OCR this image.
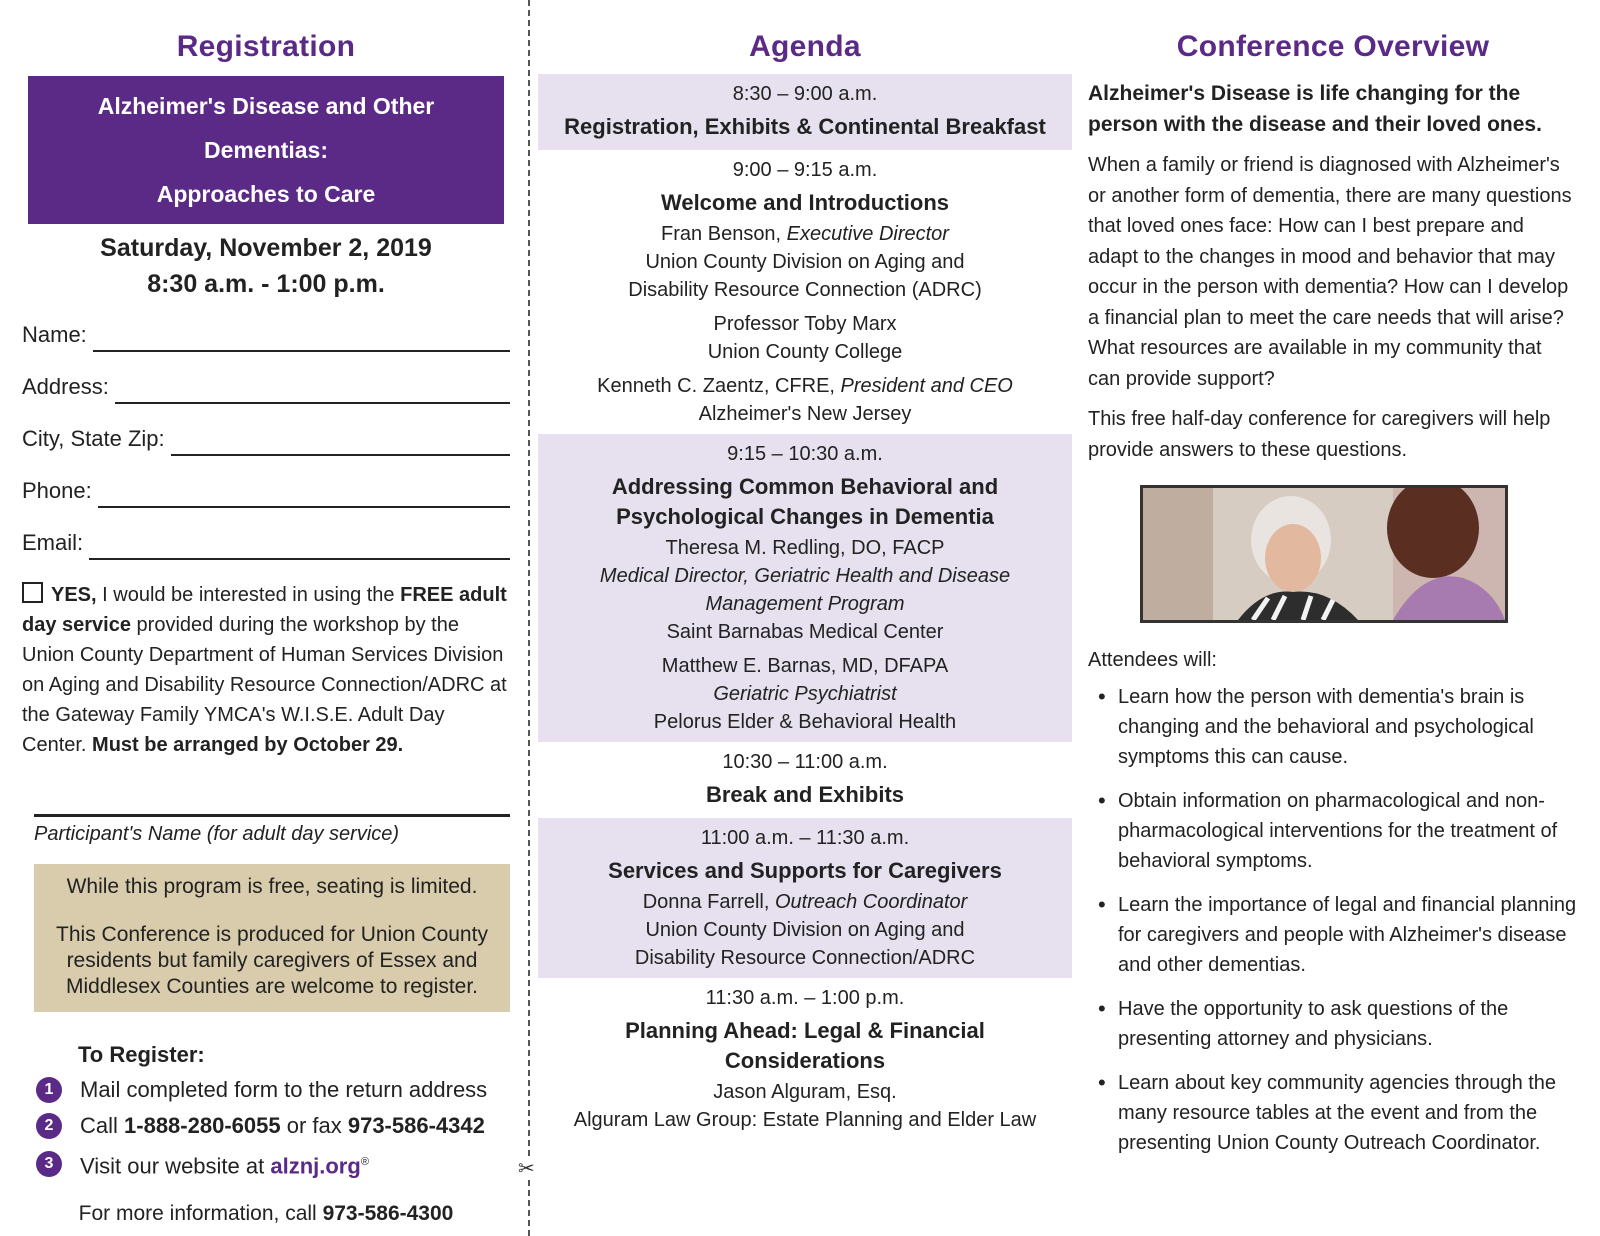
✂
Registration
Alzheimer's Disease and Other Dementias:
Approaches to Care
Saturday, November 2, 2019
8:30 a.m. - 1:00 p.m.
Name:
Address:
City, State Zip:
Phone:
Email:
YES, I would be interested in using the FREE adult day service provided during the workshop by the Union County Department of Human Services Division on Aging and Disability Resource Connection/ADRC at the Gateway Family YMCA's W.I.S.E. Adult Day Center. Must be arranged by October 29.
Participant's Name (for adult day service)

While this program is free, seating is limited.

This Conference is produced for Union County residents but family caregivers of Essex and Middlesex Counties are welcome to register.

To Register:
1	Mail completed form to the return address
2	Call 1-888-280-6055 or fax 973-586-4342
3	Visit our website at alznj.org®
For more information, call 973-586-4300
Agenda
8:30 – 9:00 a.m.
Registration, Exhibits & Continental Breakfast
9:00 – 9:15 a.m.
Welcome and Introductions
Fran Benson, Executive Director
Union County Division on Aging and
Disability Resource Connection (ADRC)
Professor Toby Marx
Union County College
Kenneth C. Zaentz, CFRE, President and CEO
Alzheimer's New Jersey
9:15 – 10:30 a.m.
Addressing Common Behavioral and
Psychological Changes in Dementia
Theresa M. Redling, DO, FACP
Medical Director, Geriatric Health and Disease
Management Program
Saint Barnabas Medical Center
Matthew E. Barnas, MD, DFAPA
Geriatric Psychiatrist
Pelorus Elder & Behavioral Health
10:30 – 11:00 a.m.
Break and Exhibits
11:00 a.m. – 11:30 a.m.
Services and Supports for Caregivers
Donna Farrell, Outreach Coordinator
Union County Division on Aging and
Disability Resource Connection/ADRC
11:30 a.m. – 1:00 p.m.
Planning Ahead: Legal & Financial Considerations
Jason Alguram, Esq.
Alguram Law Group: Estate Planning and Elder Law
Conference Overview
Alzheimer's Disease is life changing for the person with the disease and their loved ones.
When a family or friend is diagnosed with Alzheimer's or another form of dementia, there are many questions that loved ones face: How can I best prepare and adapt to the changes in mood and behavior that may occur in the person with dementia? How can I develop a financial plan to meet the care needs that will arise? What resources are available in my community that can provide support?
This free half-day conference for caregivers will help provide answers to these questions.
Attendees will:
• Learn how the person with dementia's brain is changing and the behavioral and psychological symptoms this can cause.
• Obtain information on pharmacological and non-pharmacological interventions for the treatment of behavioral symptoms.
• Learn the importance of legal and financial planning for caregivers and people with Alzheimer's disease and other dementias.
• Have the opportunity to ask questions of the presenting attorney and physicians.
• Learn about key community agencies through the many resource tables at the event and from the presenting Union County Outreach Coordinator.
